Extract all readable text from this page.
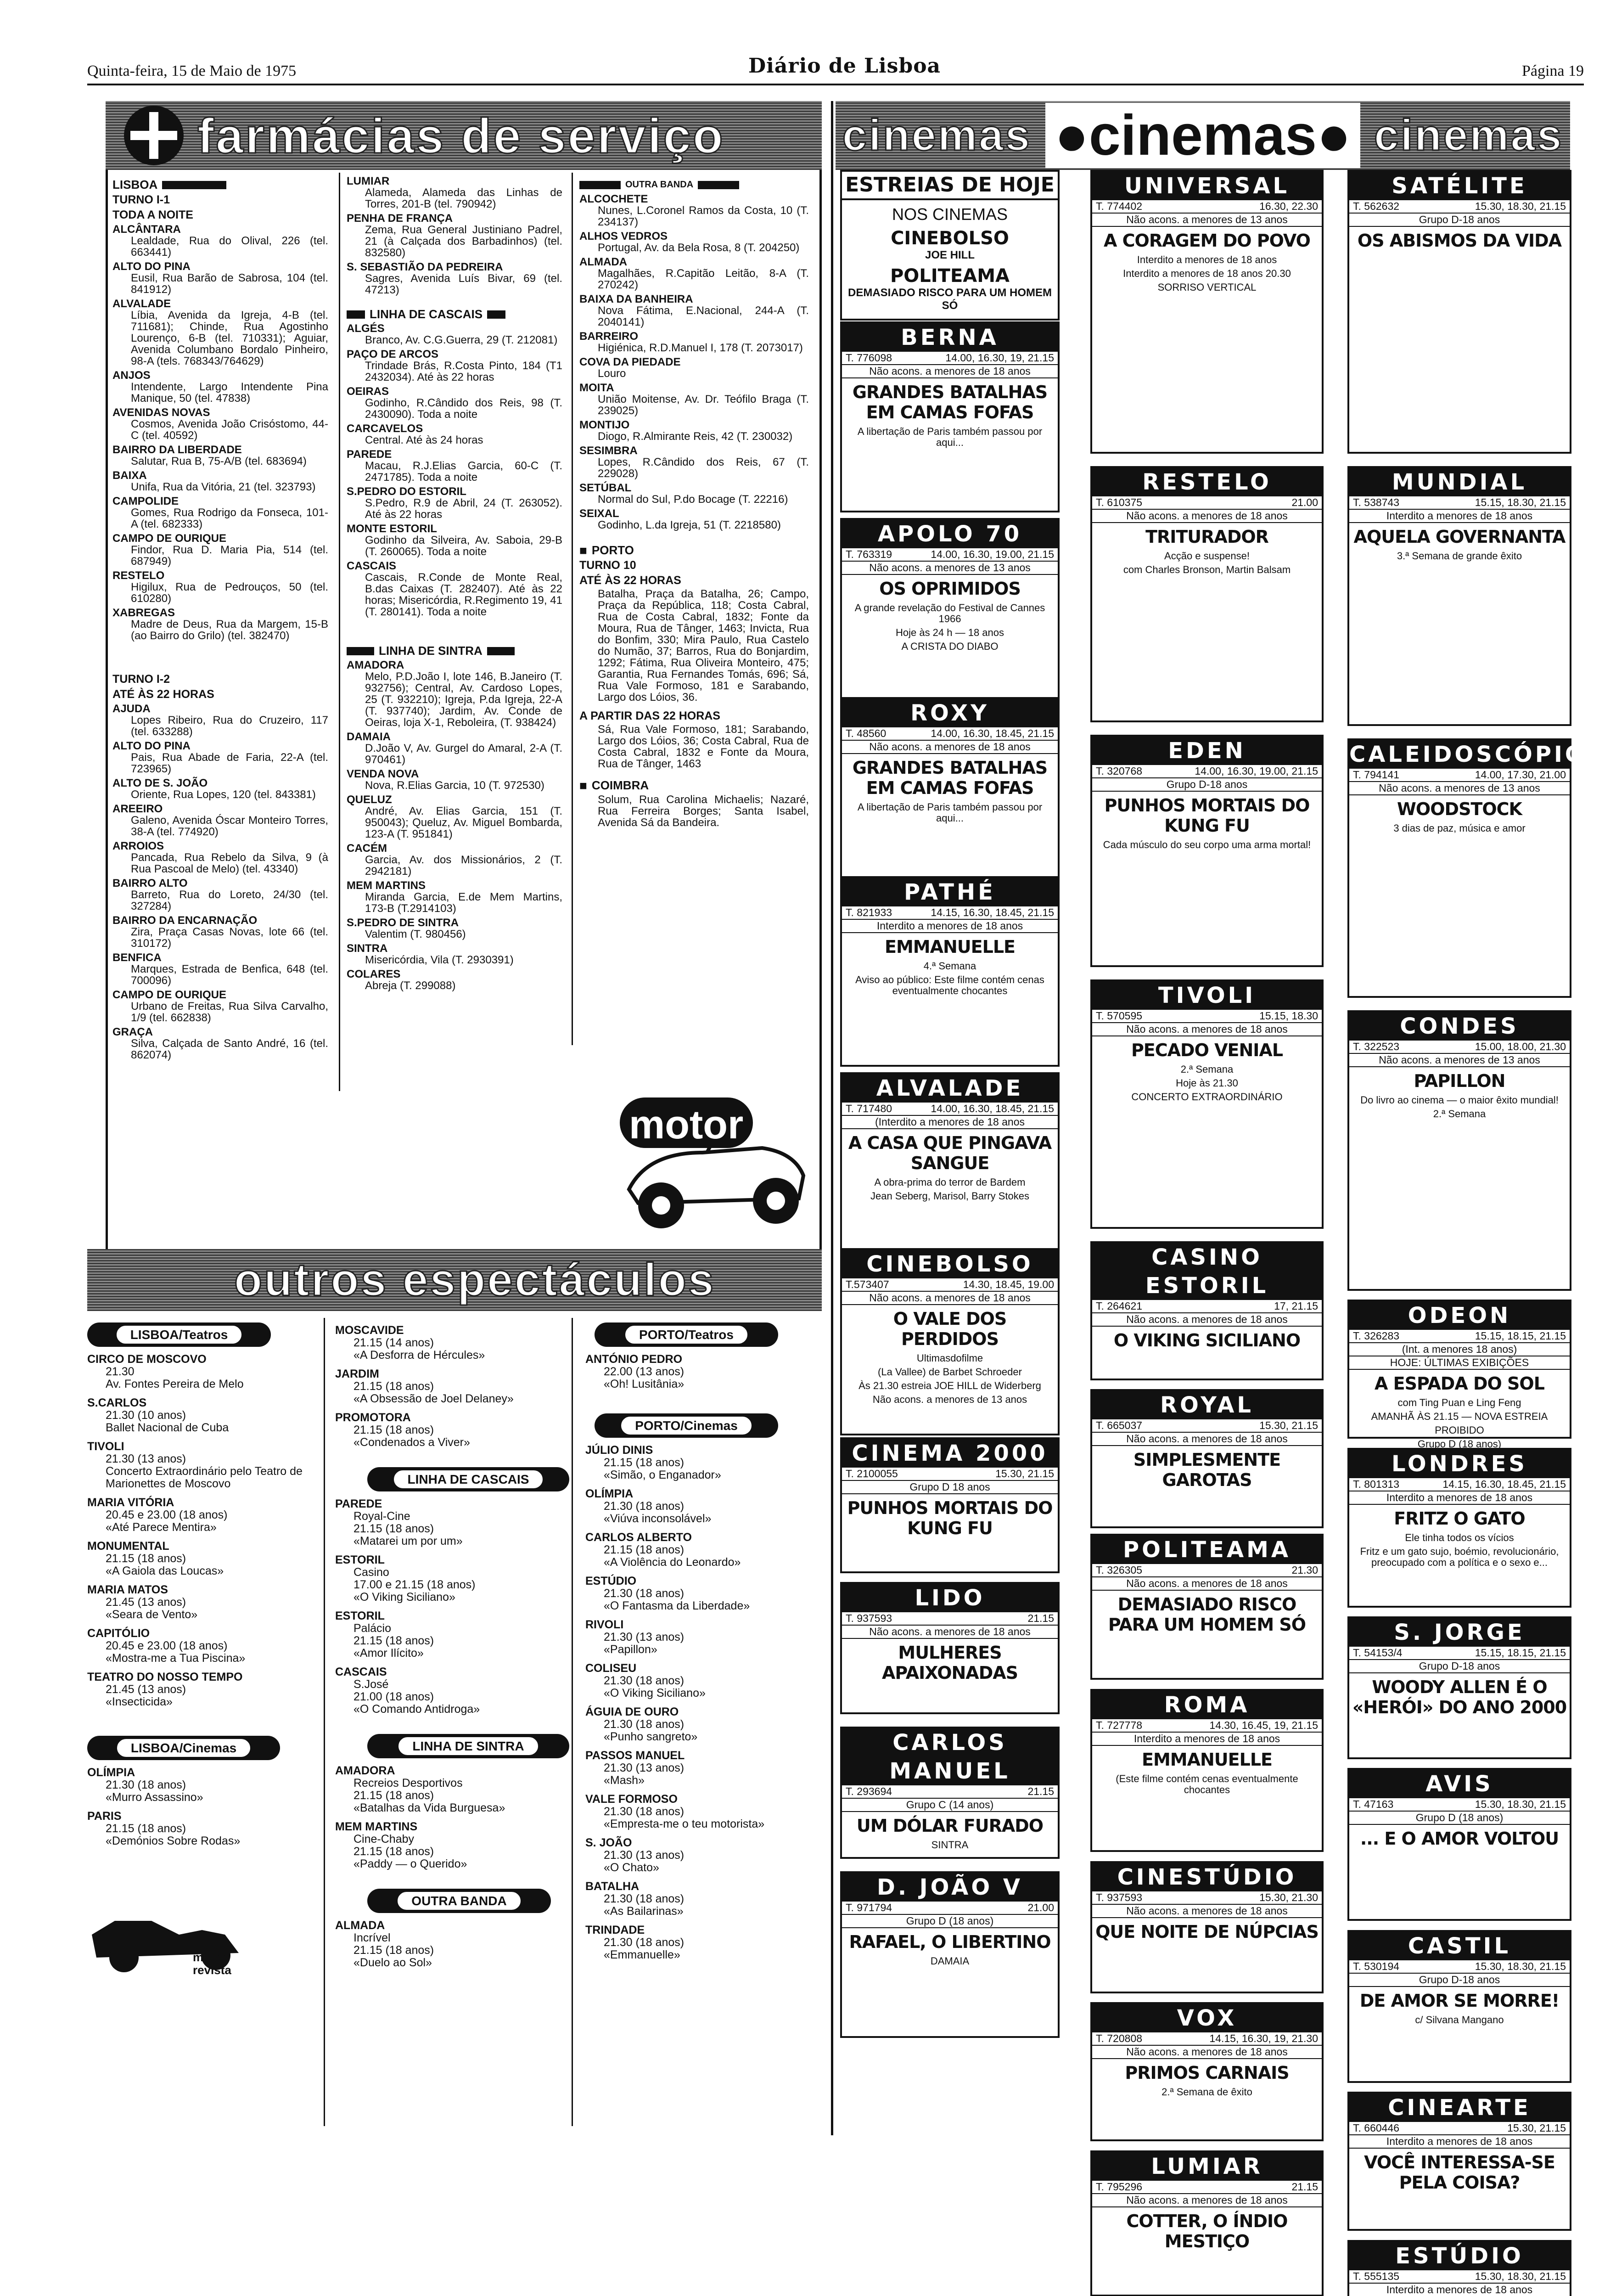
Quinta-feira, 15 de Maio de 1975	Diário de Lisboa	Página 19
farmácias de serviço	cinemas ●cinemas● cinemas
LISBOA
TURNO I-1
TODA A NOITE
ALCÂNTARA
Lealdade, Rua do Olival, 226 (tel. 663441)
ALTO DO PINA
Eusil, Rua Barão de Sabrosa, 104 (tel. 841912)
ALVALADE
Líbia, Avenida da Igreja, 4-B (tel. 711681); Chinde, Rua Agostinho Lourenço, 6-B (tel. 710331); Aguiar, Avenida Columbano Bordalo Pinheiro, 98-A (tels. 768343/764629)
ANJOS
Intendente, Largo Intendente Pina Manique, 50 (tel. 47838)
AVENIDAS NOVAS
Cosmos, Avenida João Crisóstomo, 44-C (tel. 40592)
BAIRRO DA LIBERDADE
Salutar, Rua B, 75-A/B (tel. 683694)
BAIXA
Unifa, Rua da Vitória, 21 (tel. 323793)
CAMPOLIDE
Gomes, Rua Rodrigo da Fonseca, 101-A (tel. 682333)
CAMPO DE OURIQUE
Findor, Rua D. Maria Pia, 514 (tel. 687949)
RESTELO
Higilux, Rua de Pedrouços, 50 (tel. 610280)
XABREGAS
Madre de Deus, Rua da Margem, 15-B (ao Bairro do Grilo) (tel. 382470)
TURNO I-2
ATÉ ÀS 22 HORAS
AJUDA
Lopes Ribeiro, Rua do Cruzeiro, 117 (tel. 633288)
ALTO DO PINA
Pais, Rua Abade de Faria, 22-A (tel. 723965)
ALTO DE S. JOÃO
Oriente, Rua Lopes, 120 (tel. 843381)
AREEIRO
Galeno, Avenida Óscar Monteiro Torres, 38-A (tel. 774920)
ARROIOS
Pancada, Rua Rebelo da Silva, 9 (à Rua Pascoal de Melo) (tel. 43340)
BAIRRO ALTO
Barreto, Rua do Loreto, 24/30 (tel. 327284)
BAIRRO DA ENCARNAÇÃO
Zira, Praça Casas Novas, lote 66 (tel. 310172)
BENFICA
Marques, Estrada de Benfica, 648 (tel. 700096)
CAMPO DE OURIQUE
Urbano de Freitas, Rua Silva Carvalho, 1/9 (tel. 662838)
GRAÇA
Silva, Calçada de Santo André, 16 (tel. 862074)
LUMIAR
Alameda, Alameda das Linhas de Torres, 201-B (tel. 790942)
PENHA DE FRANÇA
Zema, Rua General Justiniano Padrel, 21 (à Calçada dos Barbadinhos) (tel. 832580)
S. SEBASTIÃO DA PEDREIRA
Sagres, Avenida Luís Bivar, 69 (tel. 47213)
LINHA DE CASCAIS
ALGÉS
Branco, Av. C.G.Guerra, 29 (T. 212081)
PAÇO DE ARCOS
Trindade Brás, R.Costa Pinto, 184 (T1 2432034). Até às 22 horas
OEIRAS
Godinho, R.Cândido dos Reis, 98 (T. 2430090). Toda a noite
CARCAVELOS
Central. Até às 24 horas
PAREDE
Macau, R.J.Elias Garcia, 60-C (T. 2471785). Toda a noite
S.PEDRO DO ESTORIL
S.Pedro, R.9 de Abril, 24 (T. 263052). Até às 22 horas
MONTE ESTORIL
Godinho da Silveira, Av. Saboia, 29-B (T. 260065). Toda a noite
CASCAIS
Cascais, R.Conde de Monte Real, B.das Caixas (T. 282407). Até às 22 horas; Misericórdia, R.Regimento 19, 41 (T. 280141). Toda a noite
LINHA DE SINTRA
AMADORA
Melo, P.D.João I, lote 146, B.Janeiro (T. 932756); Central, Av. Cardoso Lopes, 25 (T. 932210); Igreja, P.da Igreja, 22-A (T. 937740); Jardim, Av. Conde de Oeiras, loja X-1, Reboleira, (T. 938424)
DAMAIA
D.João V, Av. Gurgel do Amaral, 2-A (T. 970461)
VENDA NOVA
Nova, R.Elias Garcia, 10 (T. 972530)
QUELUZ
André, Av. Elias Garcia, 151 (T. 950043); Queluz, Av. Miguel Bombarda, 123-A (T. 951841)
CACÉM
Garcia, Av. dos Missionários, 2 (T. 2942181)
MEM MARTINS
Miranda Garcia, E.de Mem Martins, 173-B (T.2914103)
S.PEDRO DE SINTRA
Valentim (T. 980456)
SINTRA
Misericórdia, Vila (T. 2930391)
COLARES
Abreja (T. 299088)
OUTRA BANDA
ALCOCHETE
Nunes, L.Coronel Ramos da Costa, 10 (T. 234137)
ALHOS VEDROS
Portugal, Av. da Bela Rosa, 8 (T. 204250)
ALMADA
Magalhães, R.Capitão Leitão, 8-A (T. 270242)
BAIXA DA BANHEIRA
Nova Fátima, E.Nacional, 244-A (T. 2040141)
BARREIRO
Higiénica, R.D.Manuel I, 178 (T. 2073017)
COVA DA PIEDADE
Louro
MOITA
União Moitense, Av. Dr. Teófilo Braga (T. 239025)
MONTIJO
Diogo, R.Almirante Reis, 42 (T. 230032)
SESIMBRA
Lopes, R.Cândido dos Reis, 67 (T. 229028)
SETÚBAL
Normal do Sul, P.do Bocage (T. 22216)
SEIXAL
Godinho, L.da Igreja, 51 (T. 2218580)
■ PORTO
TURNO 10
ATÉ ÀS 22 HORAS
Batalha, Praça da Batalha, 26; Campo, Praça da República, 118; Costa Cabral, Rua de Costa Cabral, 1832; Fonte da Moura, Rua de Tânger, 1463; Invicta, Rua do Bonfim, 330; Mira Paulo, Rua Castelo do Numão, 37; Barros, Rua do Bonjardim, 1292; Fátima, Rua Oliveira Monteiro, 475; Garantia, Rua Fernandes Tomás, 696; Sá, Rua Vale Formoso, 181 e Sarabando, Largo dos Lóios, 36.
A PARTIR DAS 22 HORAS
Sá, Rua Vale Formoso, 181; Sarabando, Largo dos Lóios, 36; Costa Cabral, Rua de Costa Cabral, 1832 e Fonte da Moura, Rua de Tânger, 1463
■ COIMBRA
Solum, Rua Carolina Michaelis; Nazaré, Rua Ferreira Borges; Santa Isabel, Avenida Sá da Bandeira.
motor
outros espectáculos
LISBOA/Teatros
CIRCO DE MOSCOVO
21.30
Av. Fontes Pereira de Melo
S.CARLOS
21.30 (10 anos)
Ballet Nacional de Cuba
TIVOLI
21.30 (13 anos)
Concerto Extraordinário pelo Teatro de Marionettes de Moscovo
MARIA VITÓRIA
20.45 e 23.00 (18 anos)
«Até Parece Mentira»
MONUMENTAL
21.15 (18 anos)
«A Gaiola das Loucas»
MARIA MATOS
21.45 (13 anos)
«Seara de Vento»
CAPITÓLIO
20.45 e 23.00 (18 anos)
«Mostra-me a Tua Piscina»
TEATRO DO NOSSO TEMPO
21.45 (13 anos)
«Insecticida»
LISBOA/Cinemas
OLÍMPIA
21.30 (18 anos)
«Murro Assassino»
PARIS
21.15 (18 anos)
«Demónios Sobre Rodas»
motor revista
MOSCAVIDE
21.15 (14 anos)
«A Desforra de Hércules»
JARDIM
21.15 (18 anos)
«A Obsessão de Joel Delaney»
PROMOTORA
21.15 (18 anos)
«Condenados a Viver»
LINHA DE CASCAIS
PAREDE
Royal-Cine
21.15 (18 anos)
«Matarei um por um»
ESTORIL
Casino
17.00 e 21.15 (18 anos)
«O Viking Siciliano»
ESTORIL
Palácio
21.15 (18 anos)
«Amor Ilícito»
CASCAIS
S.José
21.00 (18 anos)
«O Comando Antidroga»
LINHA DE SINTRA
AMADORA
Recreios Desportivos
21.15 (18 anos)
«Batalhas da Vida Burguesa»
MEM MARTINS
Cine-Chaby
21.15 (18 anos)
«Paddy — o Querido»
OUTRA BANDA
ALMADA
Incrível
21.15 (18 anos)
«Duelo ao Sol»
PORTO/Teatros
ANTÓNIO PEDRO
22.00 (13 anos)
«Oh! Lusitânia»
PORTO/Cinemas
JÚLIO DINIS
21.15 (18 anos)
«Simão, o Enganador»
OLÍMPIA
21.30 (18 anos)
«Viúva inconsolável»
CARLOS ALBERTO
21.15 (18 anos)
«A Violência do Leonardo»
ESTÚDIO
21.30 (18 anos)
«O Fantasma da Liberdade»
RIVOLI
21.30 (13 anos)
«Papillon»
COLISEU
21.30 (18 anos)
«O Viking Siciliano»
ÁGUIA DE OURO
21.30 (18 anos)
«Punho sangreto»
PASSOS MANUEL
21.30 (13 anos)
«Mash»
VALE FORMOSO
21.30 (18 anos)
«Empresta-me o teu motorista»
S. JOÃO
21.30 (13 anos)
«O Chato»
BATALHA
21.30 (18 anos)
«As Bailarinas»
TRINDADE
21.30 (18 anos)
«Emmanuelle»
ESTREIAS DE HOJE
NOS CINEMAS
CINEBOLSO
JOE HILL
POLITEAMA
DEMASIADO RISCO PARA UM HOMEM SÓ
BERNA
T. 776098	14.00, 16.30, 19, 21.15
Não acons. a menores de 18 anos
GRANDES BATALHAS EM CAMAS FOFAS
A libertação de Paris também passou por aqui...
APOLO 70
T. 763319	14.00, 16.30, 19.00, 21.15
Não acons. a menores de 13 anos
OS OPRIMIDOS
A grande revelação do Festival de Cannes 1966
Hoje às 24 h — 18 anos
A CRISTA DO DIABO
ROXY
T. 48560	14.00, 16.30, 18.45, 21.15
Não acons. a menores de 18 anos
GRANDES BATALHAS EM CAMAS FOFAS
A libertação de Paris também passou por aqui...
PATHÉ
T. 821933	14.15, 16.30, 18.45, 21.15
Interdito a menores de 18 anos
EMMANUELLE
4.ª Semana
Aviso ao público: Este filme contém cenas eventualmente chocantes
ALVALADE
T. 717480	14.00, 16.30, 18.45, 21.15
(Interdito a menores de 18 anos
A CASA QUE PINGAVA SANGUE
A obra-prima do terror de Bardem
Jean Seberg, Marisol, Barry Stokes
CINEBOLSO
T.573407	14.30, 18.45, 19.00
Não acons. a menores de 18 anos
O VALE DOS PERDIDOS
Ultimasdofilme
(La Vallee) de Barbet Schroeder
Às 21.30 estreia JOE HILL de Widerberg
Não acons. a menores de 13 anos
CINEMA 2000
T. 2100055	15.30, 21.15
Grupo D 18 anos
PUNHOS MORTAIS DO KUNG FU
LIDO
T. 937593	21.15
Não acons. a menores de 18 anos
MULHERES APAIXONADAS
CARLOS MANUEL
T. 293694	21.15
Grupo C (14 anos)
UM DÓLAR FURADO
SINTRA
D. JOÃO V
T. 971794	21.00
Grupo D (18 anos)
RAFAEL, O LIBERTINO
DAMAIA
UNIVERSAL
T. 774402	16.30, 22.30
Não acons. a menores de 13 anos
A CORAGEM DO POVO
Interdito a menores de 18 anos
Interdito a menores de 18 anos 20.30
SORRISO VERTICAL
RESTELO
T. 610375	21.00
Não acons. a menores de 18 anos
TRITURADOR
Acção e suspense!
com Charles Bronson, Martin Balsam
EDEN
T. 320768	14.00, 16.30, 19.00, 21.15
Grupo D-18 anos
PUNHOS MORTAIS DO KUNG FU
Cada músculo do seu corpo uma arma mortal!
TIVOLI
T. 570595	15.15, 18.30
Não acons. a menores de 18 anos
PECADO VENIAL
2.ª Semana
Hoje às 21.30
CONCERTO EXTRAORDINÁRIO
CASINO ESTORIL
T. 264621	17, 21.15
Não acons. a menores de 18 anos
O VIKING SICILIANO
ROYAL
T. 665037	15.30, 21.15
Não acons. a menores de 18 anos
SIMPLESMENTE GAROTAS
POLITEAMA
T. 326305	21.30
Não acons. a menores de 18 anos
DEMASIADO RISCO PARA UM HOMEM SÓ
ROMA
T. 727778	14.30, 16.45, 19, 21.15
Interdito a menores de 18 anos
EMMANUELLE
(Este filme contém cenas eventualmente chocantes
CINESTÚDIO
T. 937593	15.30, 21.30
Não acons. a menores de 18 anos
QUE NOITE DE NÚPCIAS
VOX
T. 720808	14.15, 16.30, 19, 21.30
Não acons. a menores de 18 anos
PRIMOS CARNAIS
2.ª Semana de êxito
LUMIAR
T. 795296	21.15
Não acons. a menores de 18 anos
COTTER, O ÍNDIO MESTIÇO
SATÉLITE
T. 562632	15.30, 18.30, 21.15
Grupo D-18 anos
OS ABISMOS DA VIDA
MUNDIAL
T. 538743	15.15, 18.30, 21.15
Interdito a menores de 18 anos
AQUELA GOVERNANTA
3.ª Semana de grande êxito
CALEIDOSCÓPIO
T. 794141	14.00, 17.30, 21.00
Não acons. a menores de 13 anos
WOODSTOCK
3 dias de paz, música e amor
CONDES
T. 322523	15.00, 18.00, 21.30
Não acons. a menores de 13 anos
PAPILLON
Do livro ao cinema — o maior êxito mundial!
2.ª Semana
ODEON
T. 326283	15.15, 18.15, 21.15
(Int. a menores 18 anos)
HOJE: ÚLTIMAS EXIBIÇÕES
A ESPADA DO SOL
com Ting Puan e Ling Feng
AMANHÃ ÀS 21.15 — NOVA ESTREIA
PROIBIDO
Grupo D (18 anos)
LONDRES
T. 801313	14.15, 16.30, 18.45, 21.15
Interdito a menores de 18 anos
FRITZ O GATO
Ele tinha todos os vícios
Fritz e um gato sujo, boémio, revolucionário, preocupado com a política e o sexo e...
S. JORGE
T. 54153/4	15.15, 18.15, 21.15
Grupo D-18 anos
WOODY ALLEN É O «HERÓI» DO ANO 2000
AVIS
T. 47163	15.30, 18.30, 21.15
Grupo D (18 anos)
... E O AMOR VOLTOU
CASTIL
T. 530194	15.30, 18.30, 21.15
Grupo D-18 anos
DE AMOR SE MORRE!
c/ Silvana Mangano
CINEARTE
T. 660446	15.30, 21.15
Interdito a menores de 18 anos
VOCÊ INTERESSA-SE PELA COISA?
ESTÚDIO
T. 555135	15.30, 18.30, 21.15
Interdito a menores de 18 anos
